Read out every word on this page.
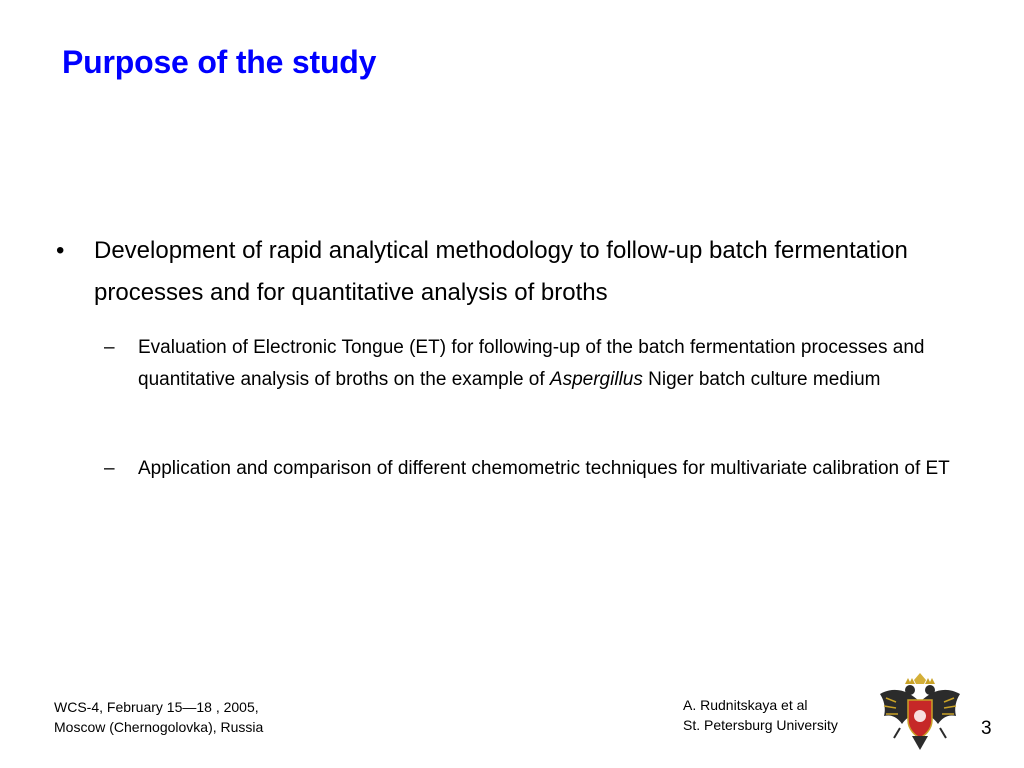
Purpose of the study
• Development of rapid analytical methodology to follow-up batch fermentation processes and for quantitative analysis of broths
– Evaluation of Electronic Tongue (ET) for following-up of the batch fermentation processes and quantitative analysis of broths on the example of Aspergillus Niger batch culture medium
– Application and comparison of different chemometric techniques for multivariate calibration of ET
WCS-4, February 15—18 , 2005,
Moscow (Chernogolovka), Russia
A. Rudnitskaya et al
St. Petersburg University	3
